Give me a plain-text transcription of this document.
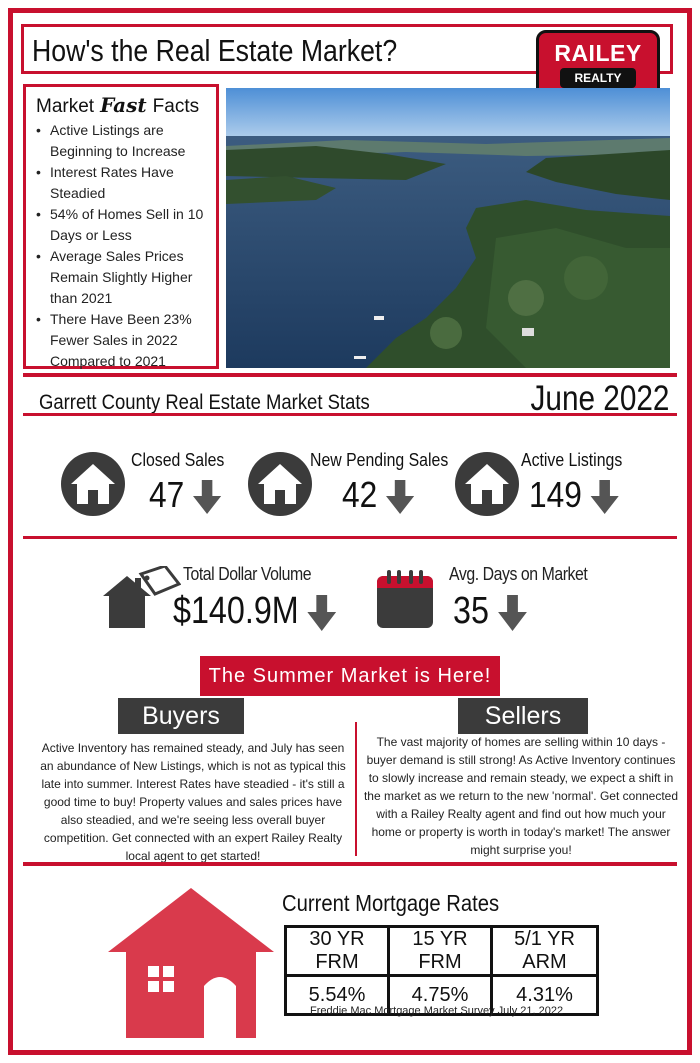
How's the Real Estate Market?	RAILEY
REALTY
Market Fast Facts
• Active Listings are Beginning to Increase
• Interest Rates Have Steadied
• 54% of Homes Sell in 10 Days or Less
• Average Sales Prices Remain Slightly Higher than 2021
• There Have Been 23% Fewer Sales in 2022 Compared to 2021
Garrett County Real Estate Market Stats	June 2022
Closed Sales
47
New Pending Sales
42
Active Listings
149
Total Dollar Volume
$140.9M
Avg. Days on Market
35
The Summer Market is Here!
Buyers	Sellers
Active Inventory has remained steady, and July has seen an abundance of New Listings, which is not as typical this late into summer. Interest Rates have steadied - it's still a good time to buy! Property values and sales prices have also steadied, and we're seeing less overall buyer competition. Get connected with an expert Railey Realty local agent to get started!
The vast majority of homes are selling within 10 days - buyer demand is still strong! As Active Inventory continues to slowly increase and remain steady, we expect a shift in the market as we return to the new 'normal'. Get connected with a Railey Realty agent and find out how much your home or property is worth in today's market! The answer might surprise you!
Current Mortgage Rates
30 YR FRM	15 YR FRM	5/1 YR ARM
5.54%	4.75%	4.31%
Freddie Mac Mortgage Market Survey July 21, 2022
